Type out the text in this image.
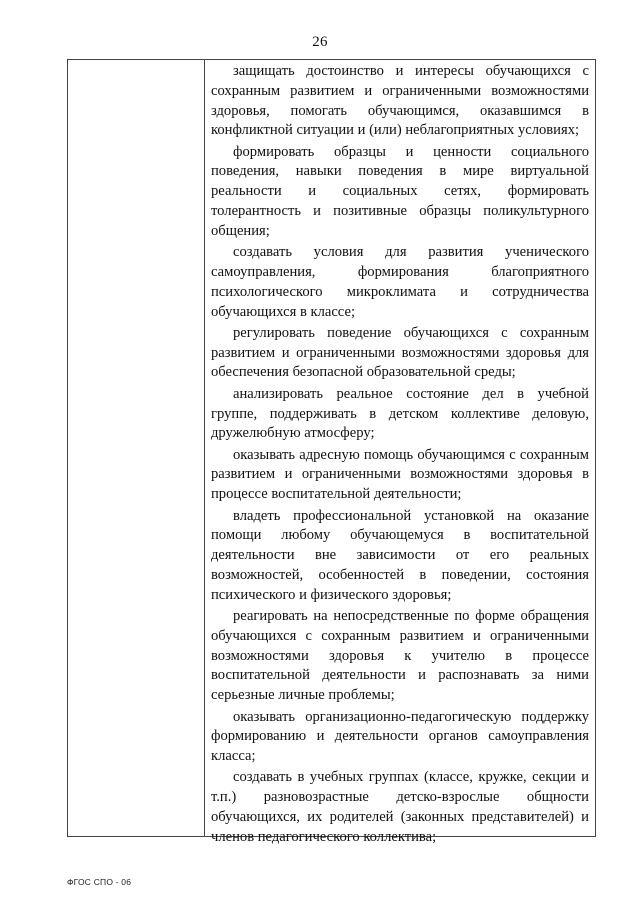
26

защищать достоинство и интересы обучающихся с сохранным развитием и ограниченными возможностями здоровья, помогать обучающимся, оказавшимся в конфликтной ситуации и (или) неблагоприятных условиях;

формировать образцы и ценности социального поведения, навыки поведения в мире виртуальной реальности и социальных сетях, формировать толерантность и позитивные образцы поликультурного общения;

создавать условия для развития ученического самоуправления, формирования благоприятного психологического микроклимата и сотрудничества обучающихся в классе;

регулировать поведение обучающихся с сохранным развитием и ограниченными возможностями здоровья для обеспечения безопасной образовательной среды;

анализировать реальное состояние дел в учебной группе, поддерживать в детском коллективе деловую, дружелюбную атмосферу;

оказывать адресную помощь обучающимся с сохранным развитием и ограниченными возможностями здоровья в процессе воспитательной деятельности;

владеть профессиональной установкой на оказание помощи любому обучающемуся в воспитательной деятельности вне зависимости от его реальных возможностей, особенностей в поведении, состояния психического и физического здоровья;

реагировать на непосредственные по форме обращения обучающихся с сохранным развитием и ограниченными возможностями здоровья к учителю в процессе воспитательной деятельности и распознавать за ними серьезные личные проблемы;

оказывать организационно-педагогическую поддержку формированию и деятельности органов самоуправления класса;

создавать в учебных группах (классе, кружке, секции и т.п.) разновозрастные детско-взрослые общности обучающихся, их родителей (законных представителей) и членов педагогического коллектива;

ФГОС СПО - 06
